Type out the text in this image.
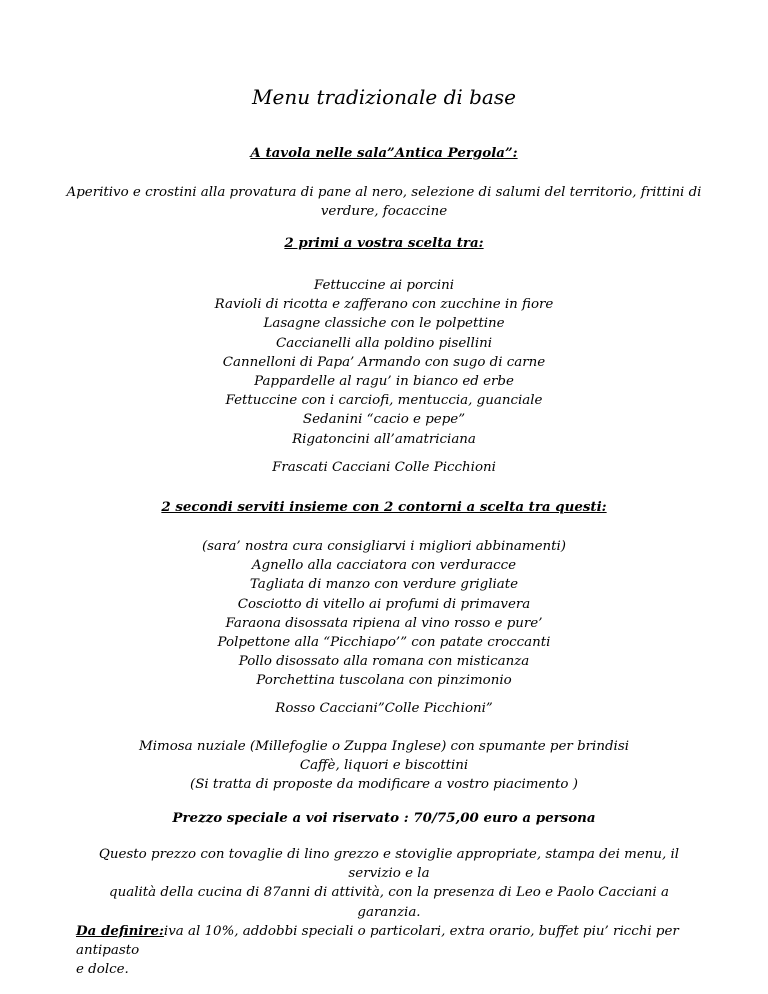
Menu tradizionale di base
A tavola nelle sala”Antica Pergola”:
Aperitivo e crostini alla provatura di pane al nero, selezione di salumi del territorio, frittini di verdure, focaccine
2 primi a vostra scelta tra:
Fettuccine ai porcini
Ravioli di ricotta e zafferano con zucchine in fiore
Lasagne classiche con le polpettine
Caccianelli alla poldino pisellini
Cannelloni di Papa’ Armando con sugo di carne
Pappardelle al ragu’ in bianco ed erbe
Fettuccine con i carciofi, mentuccia, guanciale
Sedanini “cacio e pepe”
Rigatoncini all’amatriciana
Frascati Cacciani Colle Picchioni
2 secondi serviti insieme con 2 contorni a scelta tra questi:
(sara’ nostra cura consigliarvi i migliori abbinamenti)
Agnello alla cacciatora con verduracce
Tagliata di manzo con verdure grigliate
Cosciotto di vitello ai profumi di primavera
Faraona disossata ripiena al vino rosso e pure’
Polpettone alla “Picchiapo’” con patate croccanti
Pollo disossato alla romana con misticanza
Porchettina tuscolana con pinzimonio
Rosso Cacciani”Colle Picchioni”
Mimosa nuziale (Millefoglie o Zuppa Inglese) con spumante per brindisi
Caffè, liquori e biscottini
(Si tratta di proposte da modificare a vostro piacimento )
Prezzo speciale a voi riservato : 70/75,00 euro a persona
Questo prezzo con tovaglie di lino grezzo e stoviglie appropriate, stampa dei menu, il servizio e la
qualità della cucina di 87anni di attività, con la presenza di Leo e Paolo Cacciani a garanzia.
Da definire:iva al 10%, addobbi speciali o particolari, extra orario, buffet piu’ ricchi per antipasto
e dolce.
